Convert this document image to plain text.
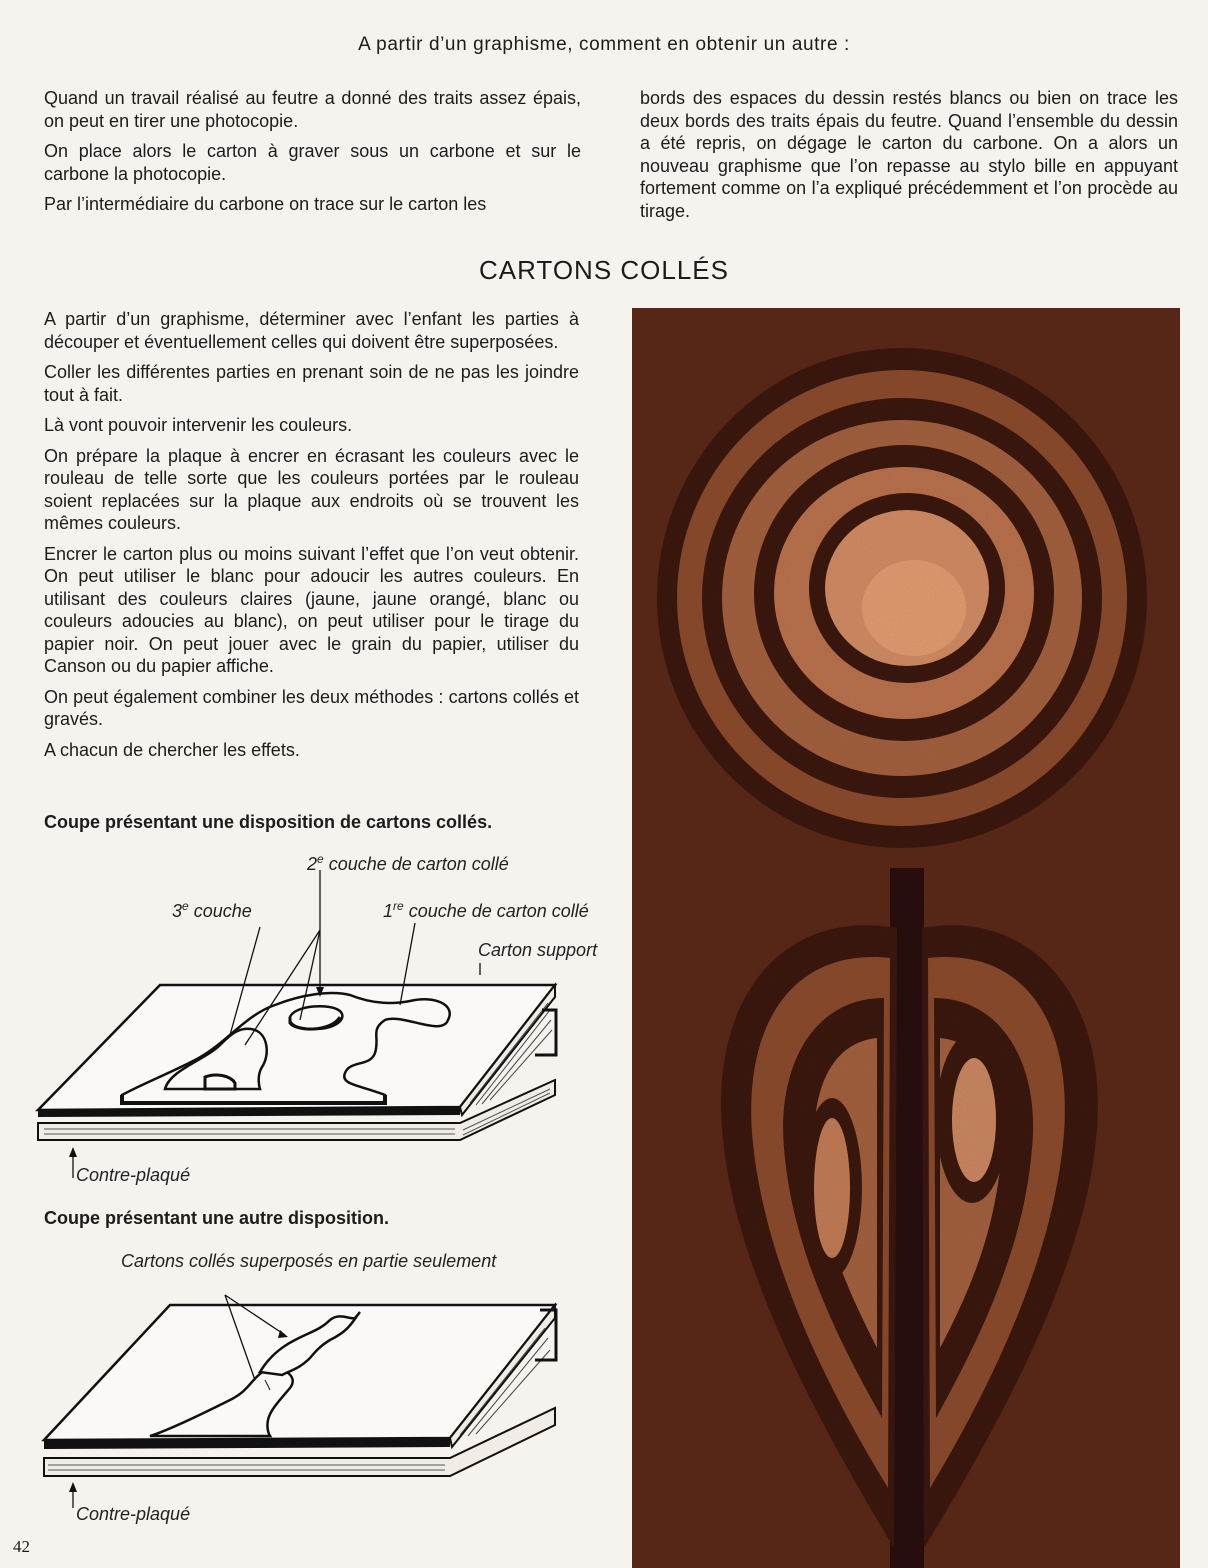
A partir d’un graphisme, comment en obtenir un autre :

Quand un travail réalisé au feutre a donné des traits assez épais, on peut en tirer une photocopie.

On place alors le carton à graver sous un carbone et sur le carbone la photocopie.

Par l’intermédiaire du carbone on trace sur le carton les

bords des espaces du dessin restés blancs ou bien on trace les deux bords des traits épais du feutre. Quand l’ensemble du dessin a été repris, on dégage le carton du carbone. On a alors un nouveau graphisme que l’on repasse au stylo bille en appuyant fortement comme on l’a expliqué précédemment et l’on procède au tirage.

CARTONS COLLÉS

A partir d’un graphisme, déterminer avec l’enfant les parties à découper et éventuellement celles qui doivent être superposées.

Coller les différentes parties en prenant soin de ne pas les joindre tout à fait.

Là vont pouvoir intervenir les couleurs.

On prépare la plaque à encrer en écrasant les couleurs avec le rouleau de telle sorte que les couleurs portées par le rouleau soient replacées sur la plaque aux endroits où se trouvent les mêmes couleurs.

Encrer le carton plus ou moins suivant l’effet que l’on veut obtenir. On peut utiliser le blanc pour adoucir les autres couleurs. En utilisant des couleurs claires (jaune, jaune orangé, blanc ou couleurs adoucies au blanc), on peut utiliser pour le tirage du papier noir. On peut jouer avec le grain du papier, utiliser du Canson ou du papier affiche.

On peut également combiner les deux méthodes : cartons collés et gravés.

A chacun de chercher les effets.

Coupe présentant une disposition de cartons collés.
2e couche de carton collé
3e couche	1re couche de carton collé
Carton support
Contre-plaqué
Coupe présentant une autre disposition.
Cartons collés superposés en partie seulement
Contre-plaqué
42
